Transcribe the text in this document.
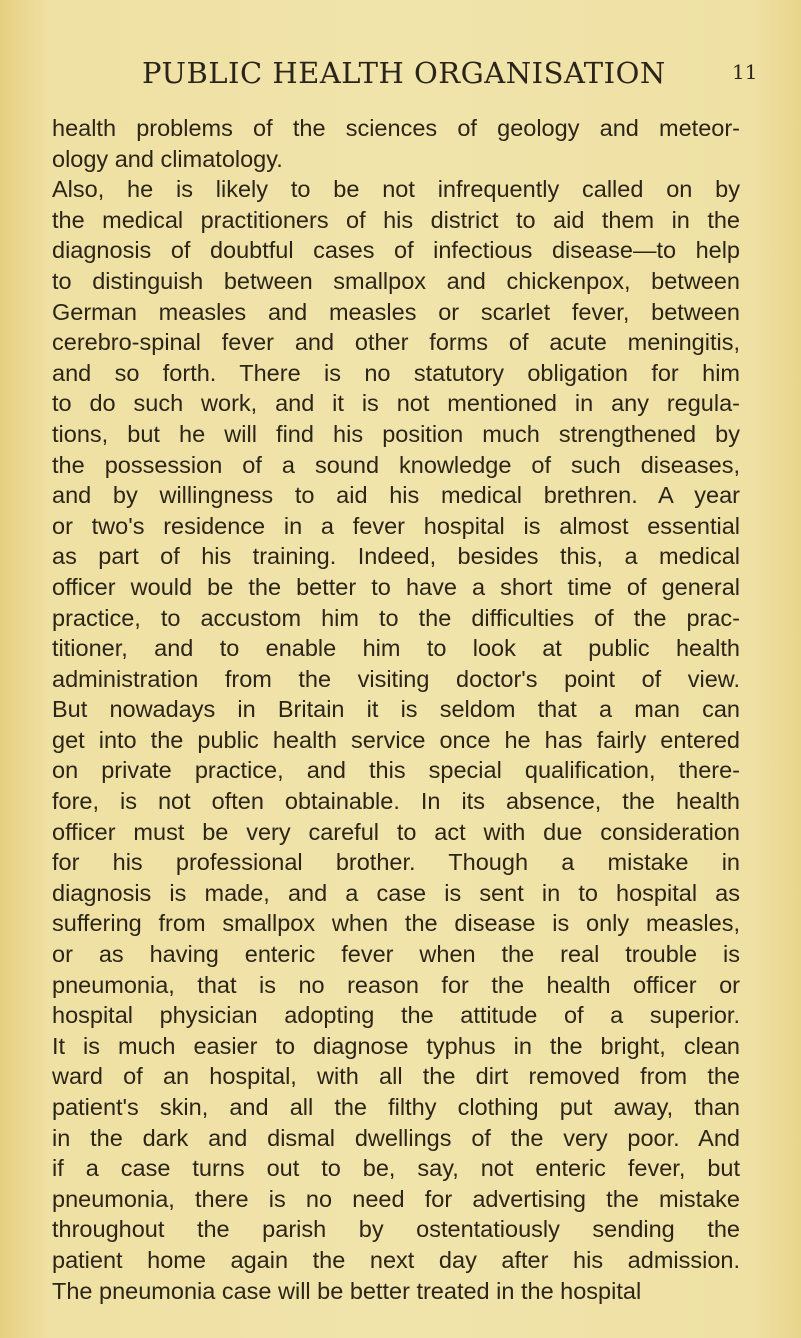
PUBLIC HEALTH ORGANISATION	11
health problems of the sciences of geology and meteor-
ology and climatology.
Also, he is likely to be not infrequently called on by
the medical practitioners of his district to aid them in the
diagnosis of doubtful cases of infectious disease—to help
to distinguish between smallpox and chickenpox, between
German measles and measles or scarlet fever, between
cerebro-spinal fever and other forms of acute meningitis,
and so forth. There is no statutory obligation for him
to do such work, and it is not mentioned in any regula-
tions, but he will find his position much strengthened by
the possession of a sound knowledge of such diseases,
and by willingness to aid his medical brethren. A year
or two's residence in a fever hospital is almost essential
as part of his training. Indeed, besides this, a medical
officer would be the better to have a short time of general
practice, to accustom him to the difficulties of the prac-
titioner, and to enable him to look at public health
administration from the visiting doctor's point of view.
But nowadays in Britain it is seldom that a man can
get into the public health service once he has fairly entered
on private practice, and this special qualification, there-
fore, is not often obtainable. In its absence, the health
officer must be very careful to act with due consideration
for his professional brother. Though a mistake in
diagnosis is made, and a case is sent in to hospital as
suffering from smallpox when the disease is only measles,
or as having enteric fever when the real trouble is
pneumonia, that is no reason for the health officer or
hospital physician adopting the attitude of a superior.
It is much easier to diagnose typhus in the bright, clean
ward of an hospital, with all the dirt removed from the
patient's skin, and all the filthy clothing put away, than
in the dark and dismal dwellings of the very poor. And
if a case turns out to be, say, not enteric fever, but
pneumonia, there is no need for advertising the mistake
throughout the parish by ostentatiously sending the
patient home again the next day after his admission.
The pneumonia case will be better treated in the hospital
